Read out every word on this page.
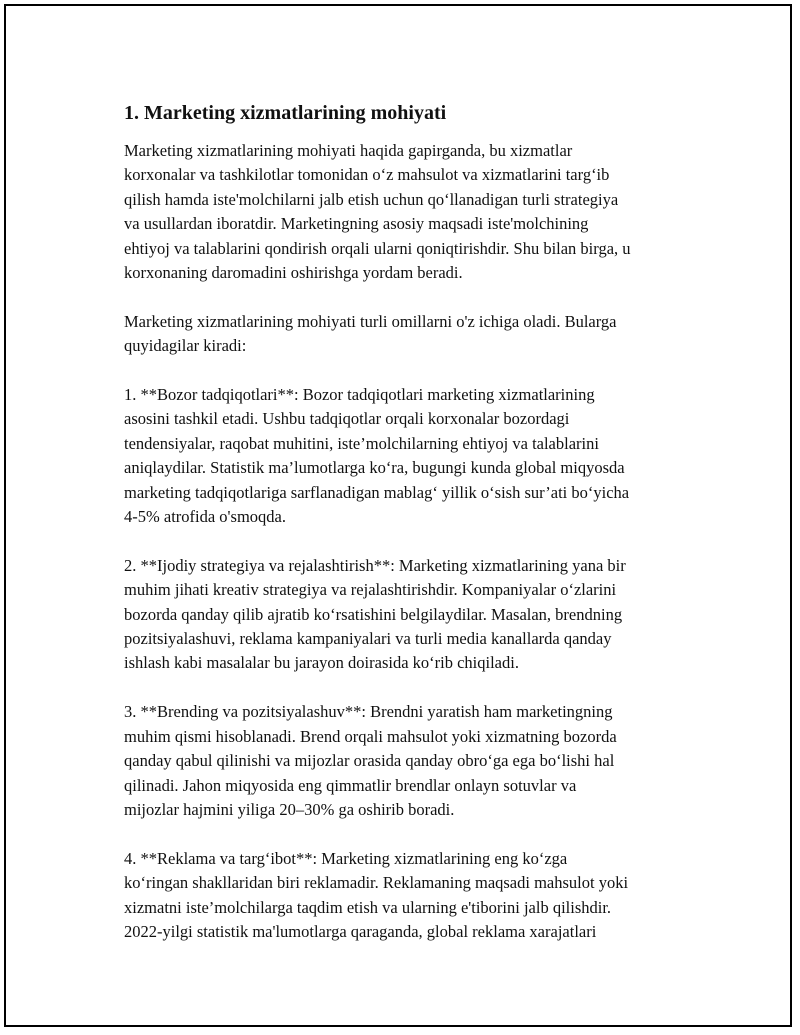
1. Marketing xizmatlarining mohiyati

Marketing xizmatlarining mohiyati haqida gapirganda, bu xizmatlar
korxonalar va tashkilotlar tomonidan o‘z mahsulot va xizmatlarini targ‘ib
qilish hamda iste'molchilarni jalb etish uchun qo‘llanadigan turli strategiya
va usullardan iboratdir. Marketingning asosiy maqsadi iste'molchining
ehtiyoj va talablarini qondirish orqali ularni qoniqtirishdir. Shu bilan birga, u
korxonaning daromadini oshirishga yordam beradi.

Marketing xizmatlarining mohiyati turli omillarni o'z ichiga oladi. Bularga
quyidagilar kiradi:

1. **Bozor tadqiqotlari**: Bozor tadqiqotlari marketing xizmatlarining
asosini tashkil etadi. Ushbu tadqiqotlar orqali korxonalar bozordagi
tendensiyalar, raqobat muhitini, iste’molchilarning ehtiyoj va talablarini
aniqlaydilar. Statistik ma’lumotlarga ko‘ra, bugungi kunda global miqyosda
marketing tadqiqotlariga sarflanadigan mablag‘ yillik o‘sish sur’ati bo‘yicha
4-5% atrofida o'smoqda.

2. **Ijodiy strategiya va rejalashtirish**: Marketing xizmatlarining yana bir
muhim jihati kreativ strategiya va rejalashtirishdir. Kompaniyalar o‘zlarini
bozorda qanday qilib ajratib ko‘rsatishini belgilaydilar. Masalan, brendning
pozitsiyalashuvi, reklama kampaniyalari va turli media kanallarda qanday
ishlash kabi masalalar bu jarayon doirasida ko‘rib chiqiladi.

3. **Brending va pozitsiyalashuv**: Brendni yaratish ham marketingning
muhim qismi hisoblanadi. Brend orqali mahsulot yoki xizmatning bozorda
qanday qabul qilinishi va mijozlar orasida qanday obro‘ga ega bo‘lishi hal
qilinadi. Jahon miqyosida eng qimmatlir brendlar onlayn sotuvlar va
mijozlar hajmini yiliga 20–30% ga oshirib boradi.

4. **Reklama va targ‘ibot**: Marketing xizmatlarining eng ko‘zga
ko‘ringan shakllaridan biri reklamadir. Reklamaning maqsadi mahsulot yoki
xizmatni iste’molchilarga taqdim etish va ularning e'tiborini jalb qilishdir.
2022-yilgi statistik ma'lumotlarga qaraganda, global reklama xarajatlari
